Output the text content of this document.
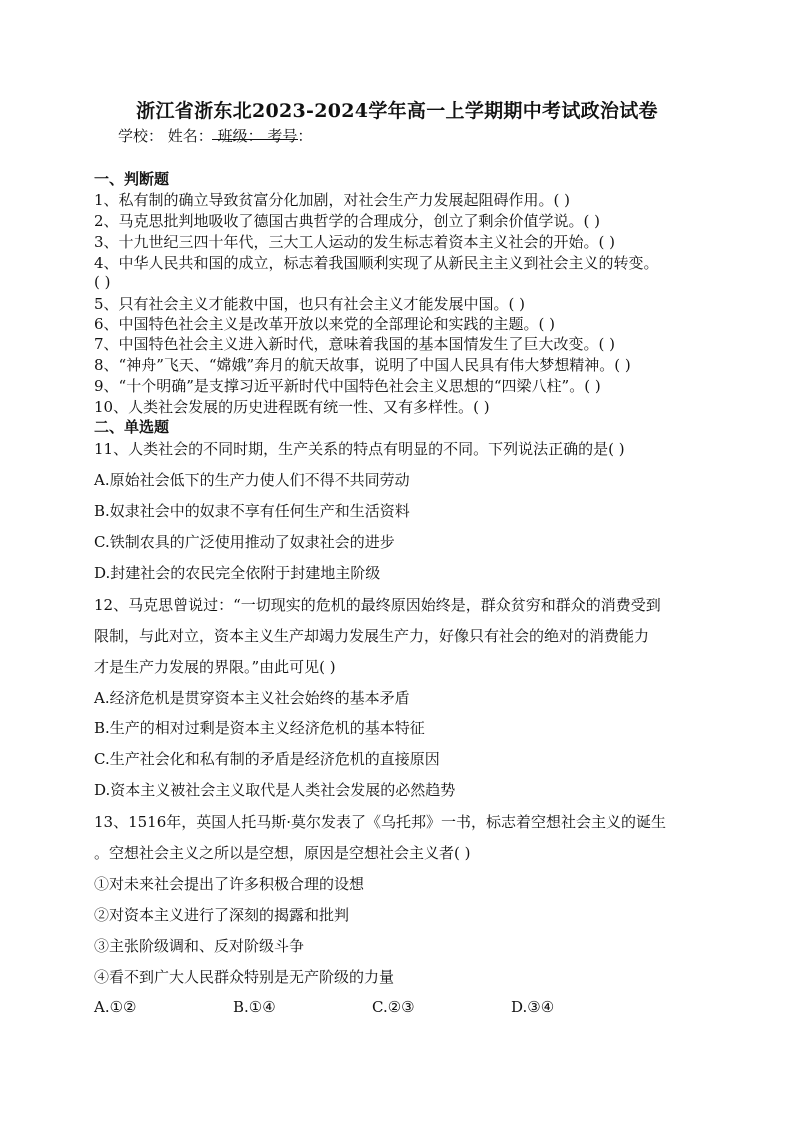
浙江省浙东北2023-2024学年高一上学期期中考试政治试卷
学校： 姓名： 班级： 考号：
一、判断题
1、私有制的确立导致贫富分化加剧，对社会生产力发展起阻碍作用。( )
2、马克思批判地吸收了德国古典哲学的合理成分，创立了剩余价值学说。( )
3、十九世纪三四十年代，三大工人运动的发生标志着资本主义社会的开始。( )
4、中华人民共和国的成立，标志着我国顺利实现了从新民主主义到社会主义的转变。
( )
5、只有社会主义才能救中国，也只有社会主义才能发展中国。( )
6、中国特色社会主义是改革开放以来党的全部理论和实践的主题。( )
7、中国特色社会主义进入新时代，意味着我国的基本国情发生了巨大改变。( )
8、“神舟”飞天、“嫦娥”奔月的航天故事，说明了中国人民具有伟大梦想精神。( )
9、“十个明确”是支撑习近平新时代中国特色社会主义思想的“四梁八柱”。( )
10、人类社会发展的历史进程既有统一性、又有多样性。( )
二、单选题
11、人类社会的不同时期，生产关系的特点有明显的不同。下列说法正确的是( )
A.原始社会低下的生产力使人们不得不共同劳动
B.奴隶社会中的奴隶不享有任何生产和生活资料
C.铁制农具的广泛使用推动了奴隶社会的进步
D.封建社会的农民完全依附于封建地主阶级
12、马克思曾说过：“一切现实的危机的最终原因始终是，群众贫穷和群众的消费受到
限制，与此对立，资本主义生产却竭力发展生产力，好像只有社会的绝对的消费能力
才是生产力发展的界限。”由此可见( )
A.经济危机是贯穿资本主义社会始终的基本矛盾
B.生产的相对过剩是资本主义经济危机的基本特征
C.生产社会化和私有制的矛盾是经济危机的直接原因
D.资本主义被社会主义取代是人类社会发展的必然趋势
13、1516年，英国人托马斯·莫尔发表了《乌托邦》一书，标志着空想社会主义的诞生
。空想社会主义之所以是空想，原因是空想社会主义者( )
①对未来社会提出了许多积极合理的设想
②对资本主义进行了深刻的揭露和批判
③主张阶级调和、反对阶级斗争
④看不到广大人民群众特别是无产阶级的力量
A.①②	B.①④	C.②③	D.③④
